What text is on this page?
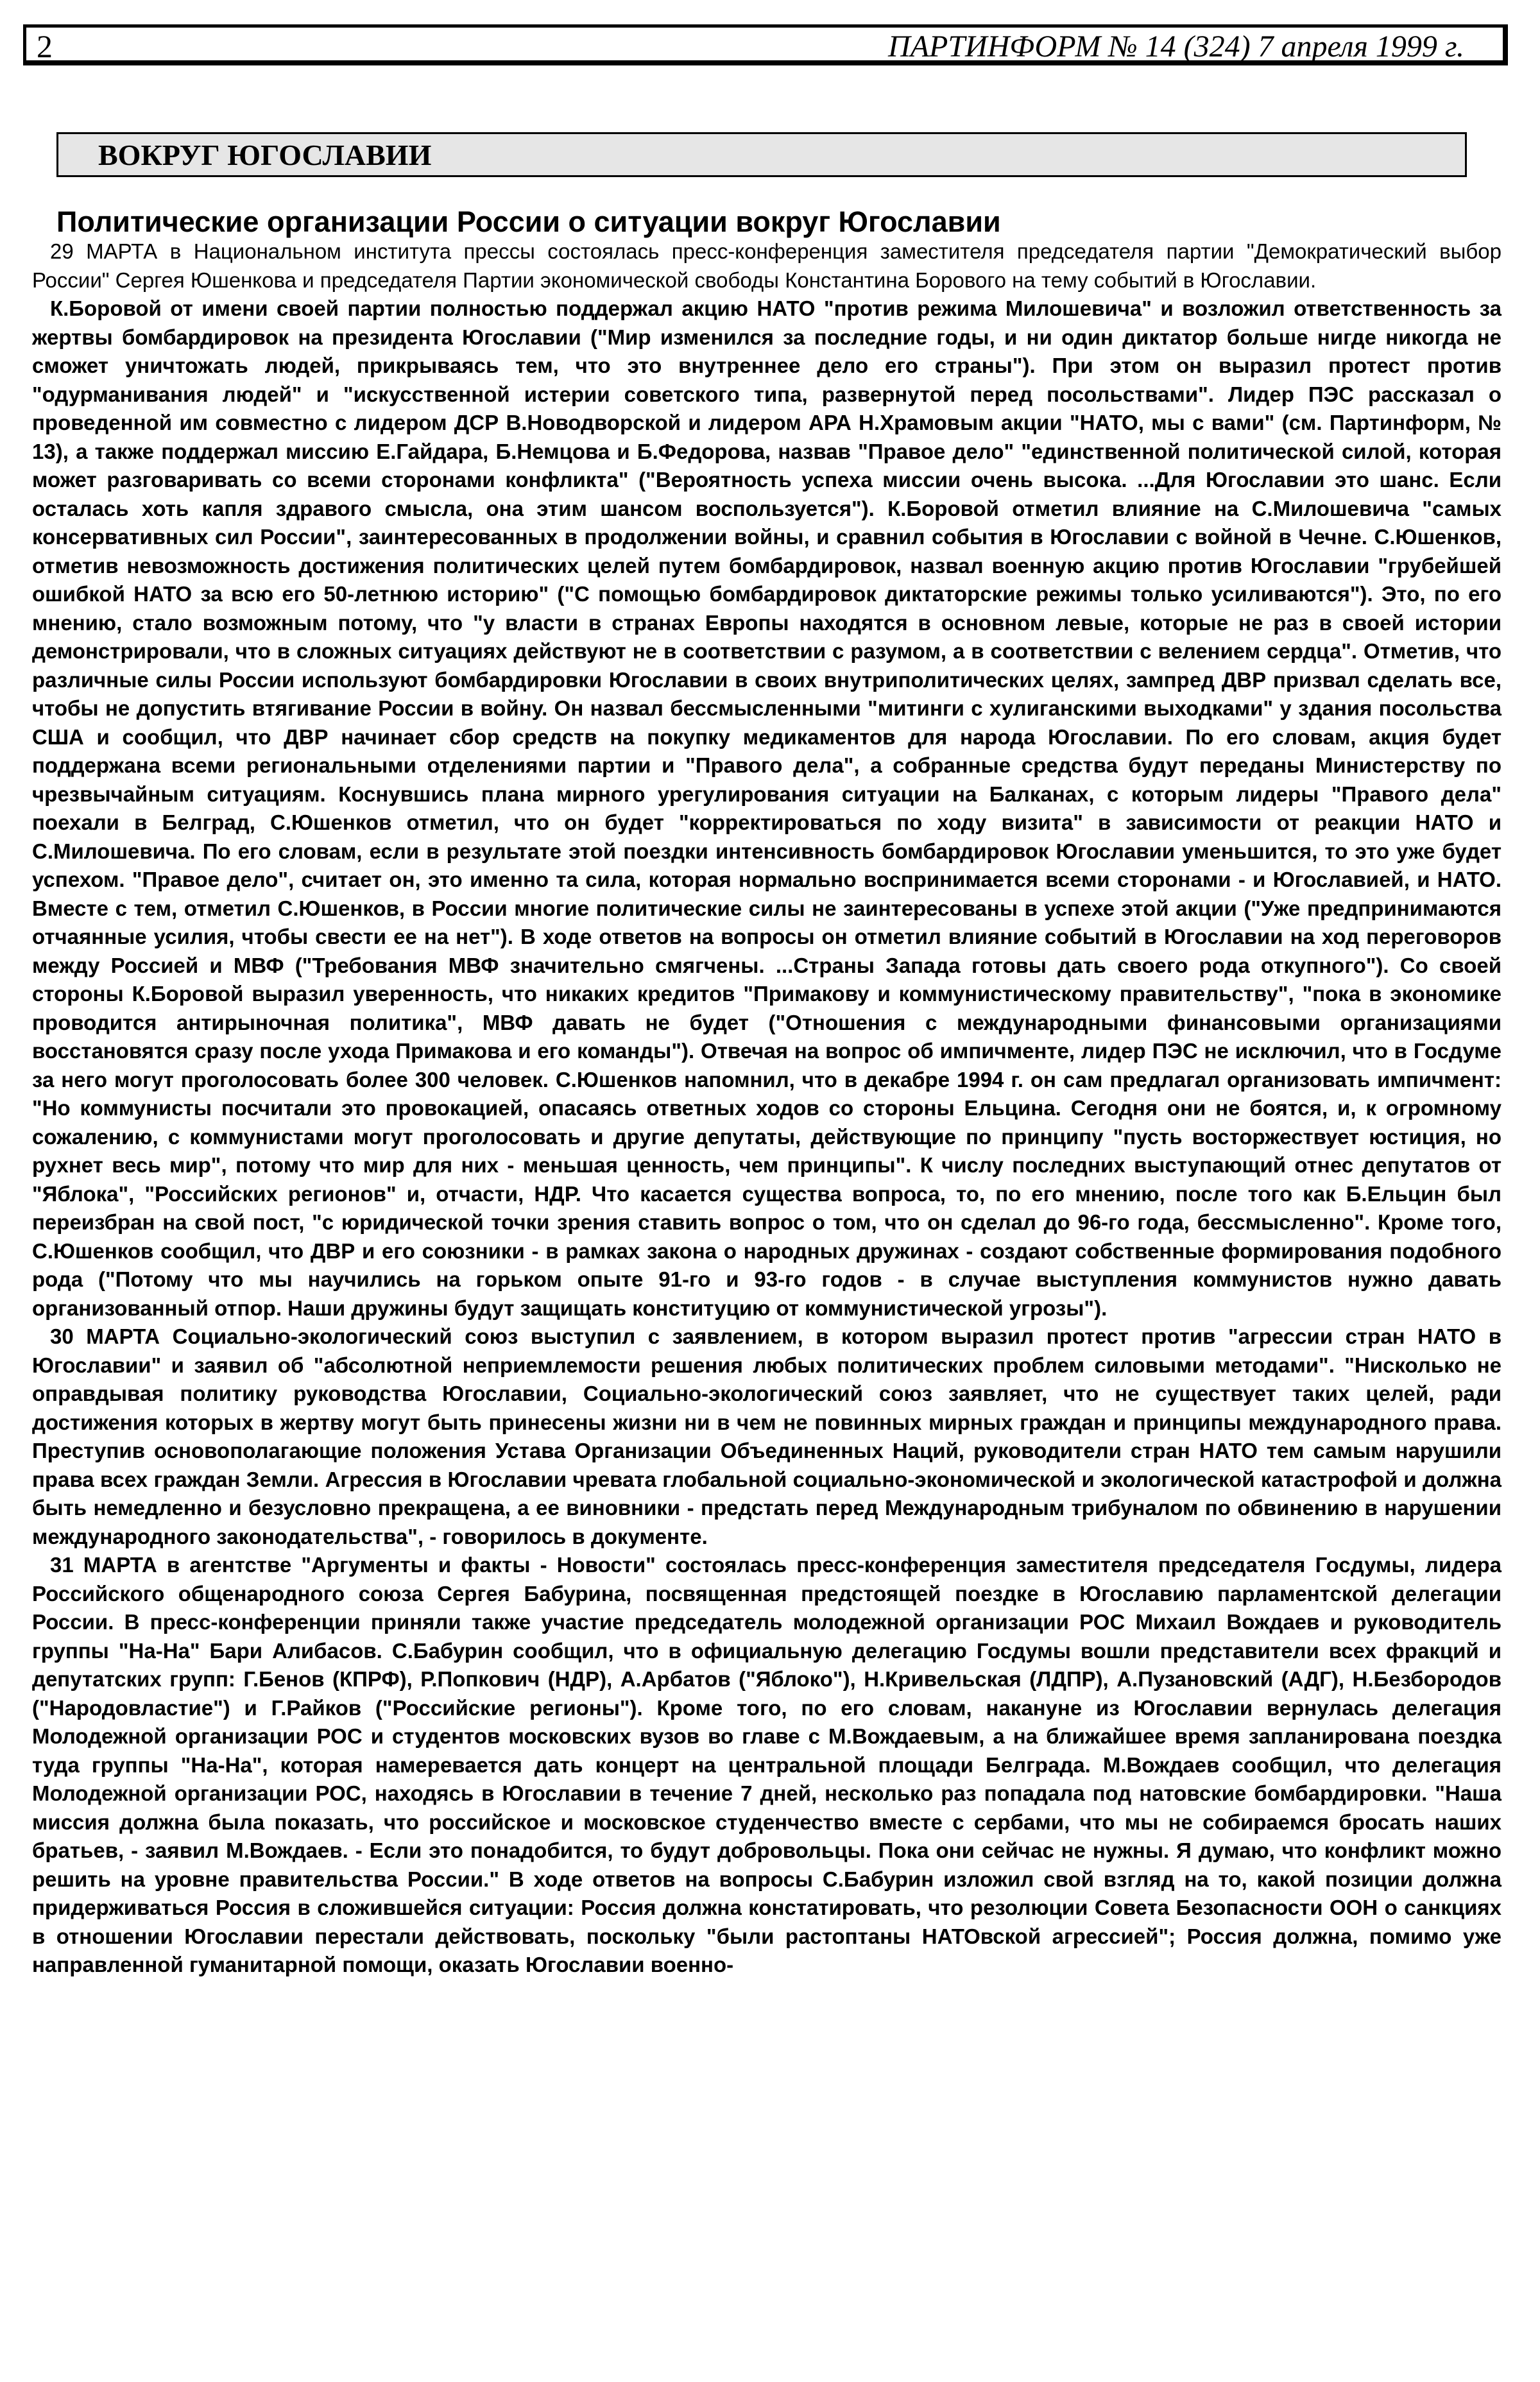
2	ПАРТИНФОРМ № 14 (324) 7 апреля 1999 г.
ВОКРУГ ЮГОСЛАВИИ
Политические организации России о ситуации вокруг Югославии

29 МАРТА в Национальном института прессы состоялась пресс-конференция заместителя председателя партии "Демократический выбор России" Сергея Юшенкова и председателя Партии экономической свободы Константина Борового на тему событий в Югославии.

К.Боровой от имени своей партии полностью поддержал акцию НАТО "против режима Милошевича" и возложил ответственность за жертвы бомбардировок на президента Югославии ("Мир изменился за последние годы, и ни один диктатор больше нигде никогда не сможет уничтожать людей, прикрываясь тем, что это внутреннее дело его страны"). При этом он выразил протест против "одурманивания людей" и "искусственной истерии советского типа, развернутой перед посольствами". Лидер ПЭС рассказал о проведенной им совместно с лидером ДСР В.Новодворской и лидером АРА Н.Храмовым акции "НАТО, мы с вами" (см. Партинформ, № 13), а также поддержал миссию Е.Гайдара, Б.Немцова и Б.Федорова, назвав "Правое дело" "единственной политической силой, которая может разговаривать со всеми сторонами конфликта" ("Вероятность успеха миссии очень высока. ...Для Югославии это шанс. Если осталась хоть капля здравого смысла, она этим шансом воспользуется"). К.Боровой отметил влияние на С.Милошевича "самых консервативных сил России", заинтересованных в продолжении войны, и сравнил события в Югославии с войной в Чечне. С.Юшенков, отметив невозможность достижения политических целей путем бомбардировок, назвал военную акцию против Югославии "грубейшей ошибкой НАТО за всю его 50-летнюю историю" ("С помощью бомбардировок диктаторские режимы только усиливаются"). Это, по его мнению, стало возможным потому, что "у власти в странах Европы находятся в основном левые, которые не раз в своей истории демонстрировали, что в сложных ситуациях действуют не в соответствии с разумом, а в соответствии с велением сердца". Отметив, что различные силы России используют бомбардировки Югославии в своих внутриполитических целях, зампред ДВР призвал сделать все, чтобы не допустить втягивание России в войну. Он назвал бессмысленными "митинги с хулиганскими выходками" у здания посольства США и сообщил, что ДВР начинает сбор средств на покупку медикаментов для народа Югославии. По его словам, акция будет поддержана всеми региональными отделениями партии и "Правого дела", а собранные средства будут переданы Министерству по чрезвычайным ситуациям. Коснувшись плана мирного урегулирования ситуации на Балканах, с которым лидеры "Правого дела" поехали в Белград, С.Юшенков отметил, что он будет "корректироваться по ходу визита" в зависимости от реакции НАТО и С.Милошевича. По его словам, если в результате этой поездки интенсивность бомбардировок Югославии уменьшится, то это уже будет успехом. "Правое дело", считает он, это именно та сила, которая нормально воспринимается всеми сторонами - и Югославией, и НАТО. Вместе с тем, отметил С.Юшенков, в России многие политические силы не заинтересованы в успехе этой акции ("Уже предпринимаются отчаянные усилия, чтобы свести ее на нет"). В ходе ответов на вопросы он отметил влияние событий в Югославии на ход переговоров между Россией и МВФ ("Требования МВФ значительно смягчены. ...Страны Запада готовы дать своего рода откупного"). Со своей стороны К.Боровой выразил уверенность, что никаких кредитов "Примакову и коммунистическому правительству", "пока в экономике проводится антирыночная политика", МВФ давать не будет ("Отношения с международными финансовыми организациями восстановятся сразу после ухода Примакова и его команды"). Отвечая на вопрос об импичменте, лидер ПЭС не исключил, что в Госдуме за него могут проголосовать более 300 человек. С.Юшенков напомнил, что в декабре 1994 г. он сам предлагал организовать импичмент: "Но коммунисты посчитали это провокацией, опасаясь ответных ходов со стороны Ельцина. Сегодня они не боятся, и, к огромному сожалению, с коммунистами могут проголосовать и другие депутаты, действующие по принципу "пусть восторжествует юстиция, но рухнет весь мир", потому что мир для них - меньшая ценность, чем принципы". К числу последних выступающий отнес депутатов от "Яблока", "Российских регионов" и, отчасти, НДР. Что касается существа вопроса, то, по его мнению, после того как Б.Ельцин был переизбран на свой пост, "с юридической точки зрения ставить вопрос о том, что он сделал до 96-го года, бессмысленно". Кроме того, С.Юшенков сообщил, что ДВР и его союзники - в рамках закона о народных дружинах - создают собственные формирования подобного рода ("Потому что мы научились на горьком опыте 91-го и 93-го годов - в случае выступления коммунистов нужно давать организованный отпор. Наши дружины будут защищать конституцию от коммунистической угрозы").

30 МАРТА Социально-экологический союз выступил с заявлением, в котором выразил протест против "агрессии стран НАТО в Югославии" и заявил об "абсолютной неприемлемости решения любых политических проблем силовыми методами". "Нисколько не оправдывая политику руководства Югославии, Социально-экологический союз заявляет, что не существует таких целей, ради достижения которых в жертву могут быть принесены жизни ни в чем не повинных мирных граждан и принципы международного права. Преступив основополагающие положения Устава Организации Объединенных Наций, руководители стран НАТО тем самым нарушили права всех граждан Земли. Агрессия в Югославии чревата глобальной социально-экономической и экологической катастрофой и должна быть немедленно и безусловно прекращена, а ее виновники - предстать перед Международным трибуналом по обвинению в нарушении международного законодательства", - говорилось в документе.

31 МАРТА в агентстве "Аргументы и факты - Новости" состоялась пресс-конференция заместителя председателя Госдумы, лидера Российского общенародного союза Сергея Бабурина, посвященная предстоящей поездке в Югославию парламентской делегации России. В пресс-конференции приняли также участие председатель молодежной организации РОС Михаил Вождаев и руководитель группы "На-На" Бари Алибасов. С.Бабурин сообщил, что в официальную делегацию Госдумы вошли представители всех фракций и депутатских групп: Г.Бенов (КПРФ), Р.Попкович (НДР), А.Арбатов ("Яблоко"), Н.Кривельская (ЛДПР), А.Пузановский (АДГ), Н.Безбородов ("Народовластие") и Г.Райков ("Российские регионы"). Кроме того, по его словам, накануне из Югославии вернулась делегация Молодежной организации РОС и студентов московских вузов во главе с М.Вождаевым, а на ближайшее время запланирована поездка туда группы "На-На", которая намеревается дать концерт на центральной площади Белграда. М.Вождаев сообщил, что делегация Молодежной организации РОС, находясь в Югославии в течение 7 дней, несколько раз попадала под натовские бомбардировки. "Наша миссия должна была показать, что российское и московское студенчество вместе с сербами, что мы не собираемся бросать наших братьев, - заявил М.Вождаев. - Если это понадобится, то будут добровольцы. Пока они сейчас не нужны. Я думаю, что конфликт можно решить на уровне правительства России." В ходе ответов на вопросы С.Бабурин изложил свой взгляд на то, какой позиции должна придерживаться Россия в сложившейся ситуации: Россия должна констатировать, что резолюции Совета Безопасности ООН о санкциях в отношении Югославии перестали действовать, поскольку "были растоптаны НАТОвской агрессией"; Россия должна, помимо уже направленной гуманитарной помощи, оказать Югославии военно-
